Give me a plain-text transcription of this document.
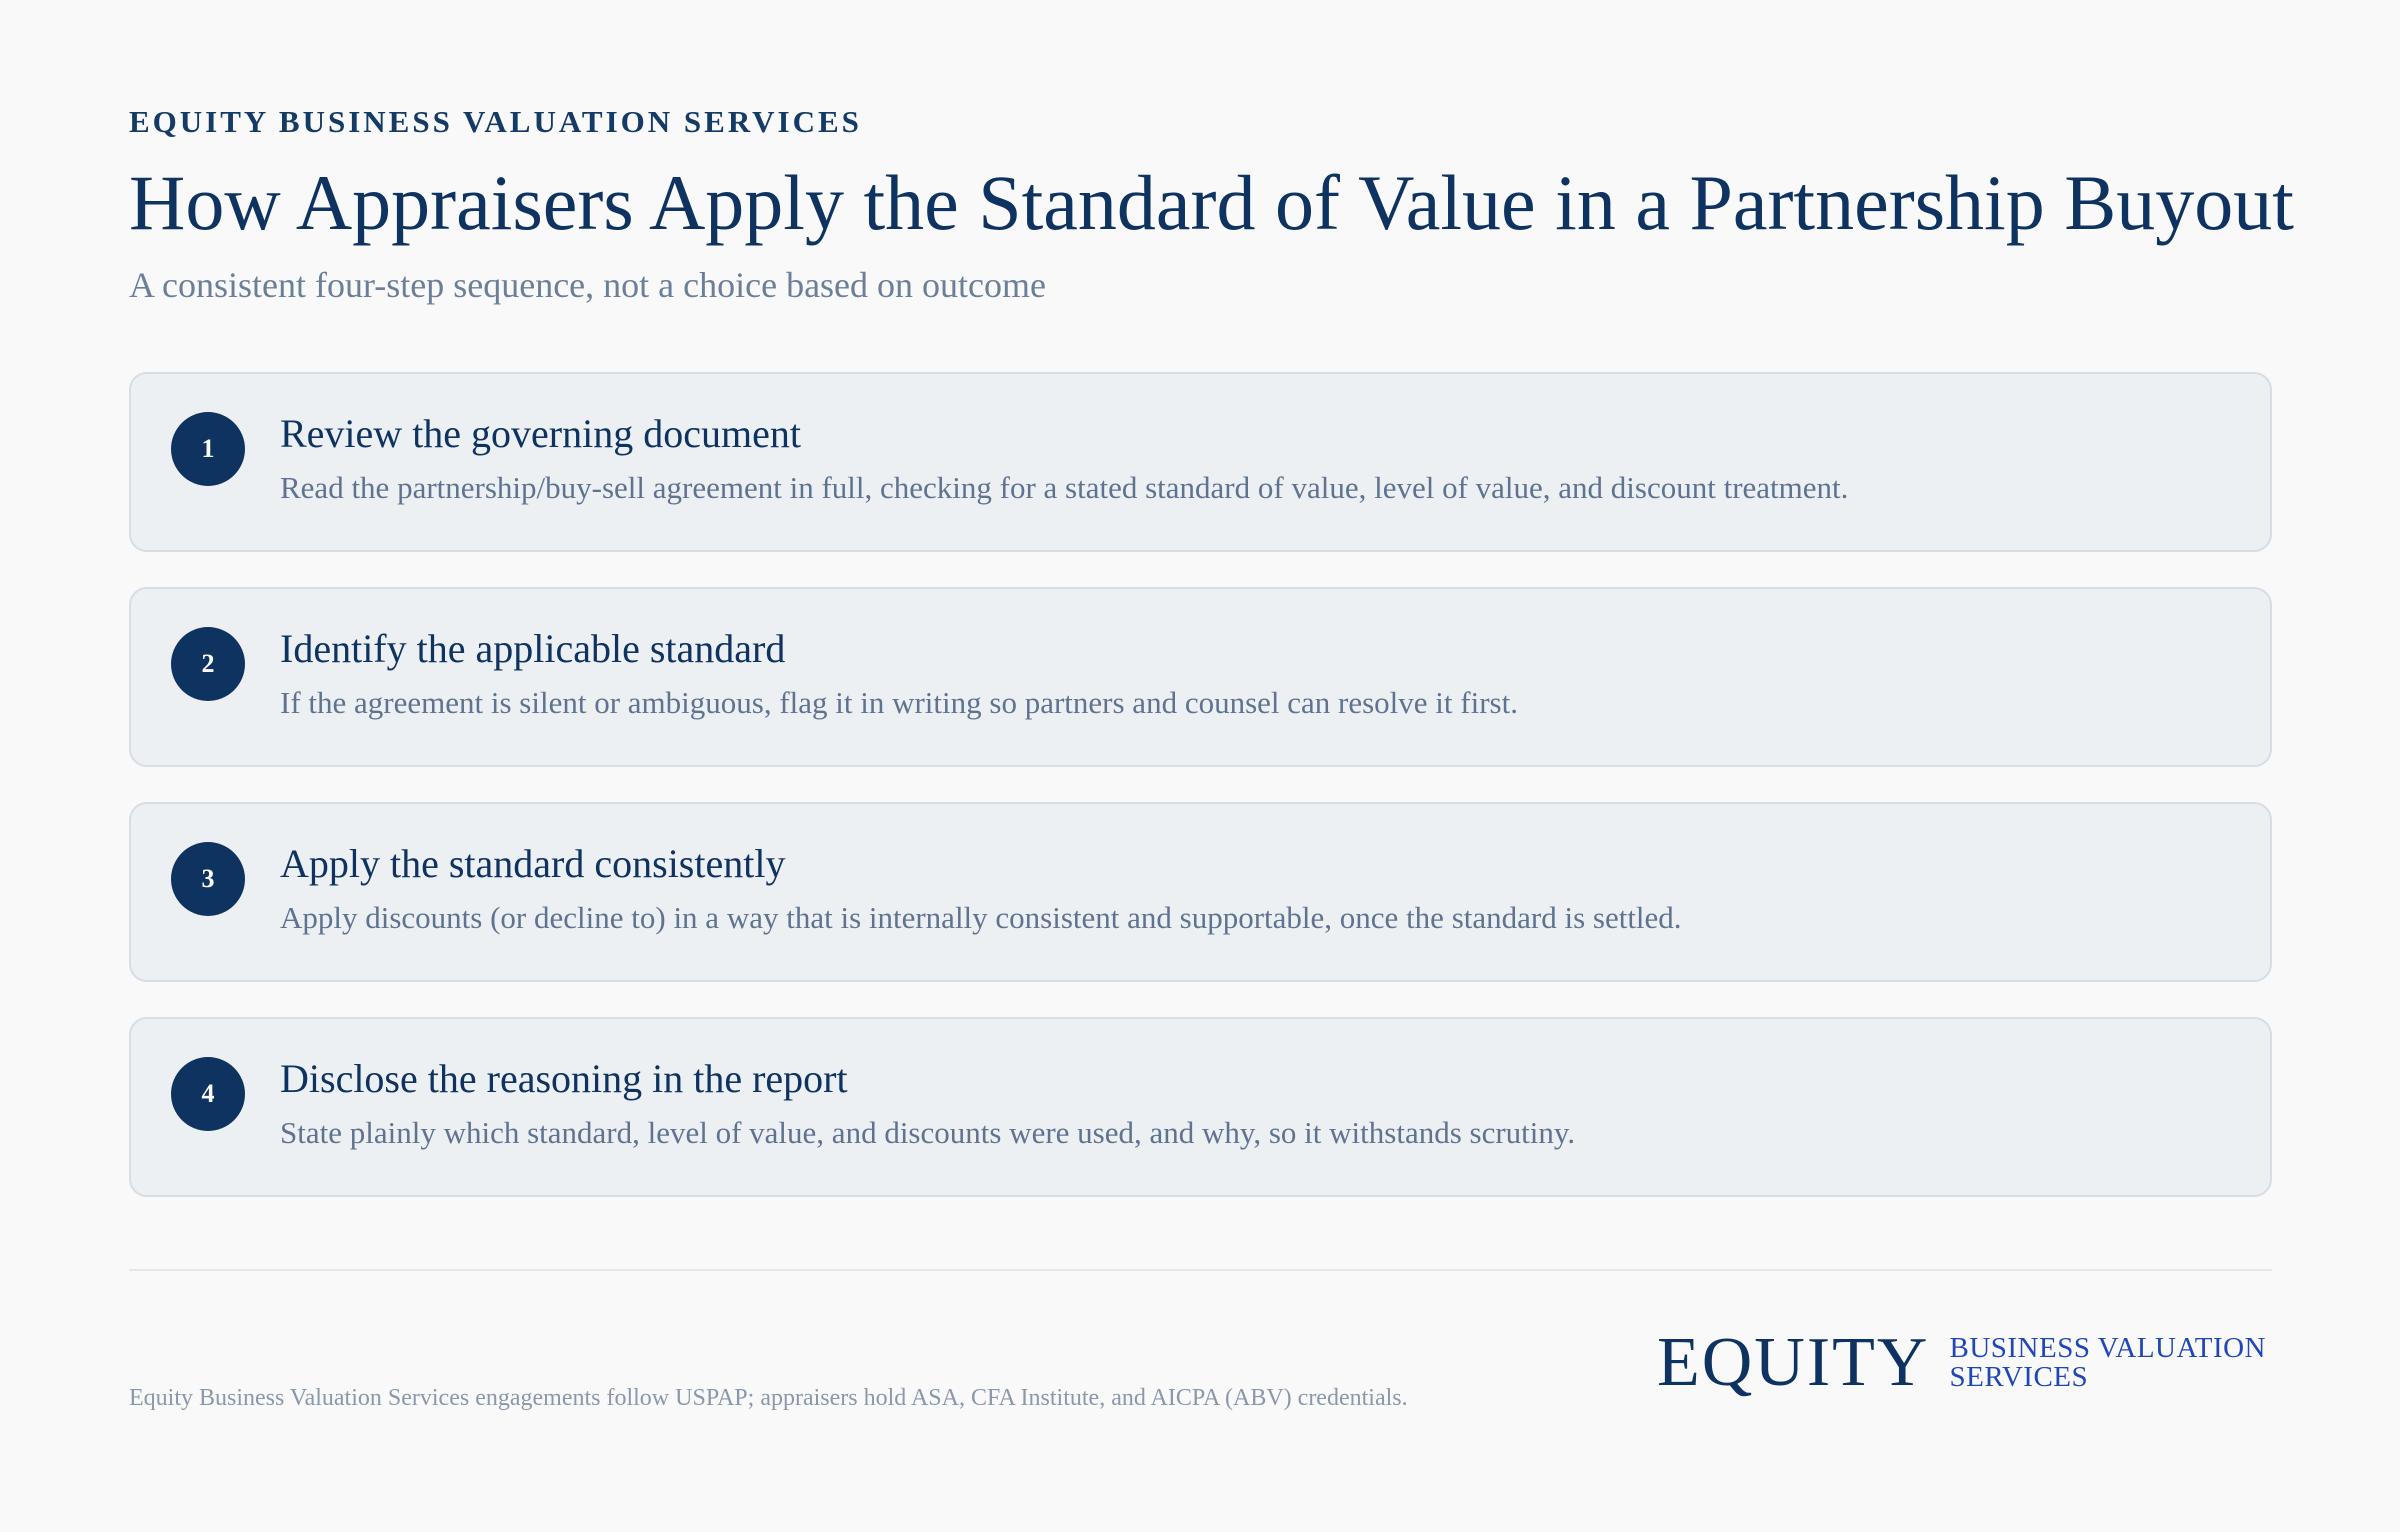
EQUITY BUSINESS VALUATION SERVICES
How Appraisers Apply the Standard of Value in a Partnership Buyout
A consistent four-step sequence, not a choice based on outcome
1	Review the governing document
Read the partnership/buy-sell agreement in full, checking for a stated standard of value, level of value, and discount treatment.
2	Identify the applicable standard
If the agreement is silent or ambiguous, flag it in writing so partners and counsel can resolve it first.
3	Apply the standard consistently
Apply discounts (or decline to) in a way that is internally consistent and supportable, once the standard is settled.
4	Disclose the reasoning in the report
State plainly which standard, level of value, and discounts were used, and why, so it withstands scrutiny.
Equity Business Valuation Services engagements follow USPAP; appraisers hold ASA, CFA Institute, and AICPA (ABV) credentials.	EQUITY BUSINESS VALUATION
SERVICES
